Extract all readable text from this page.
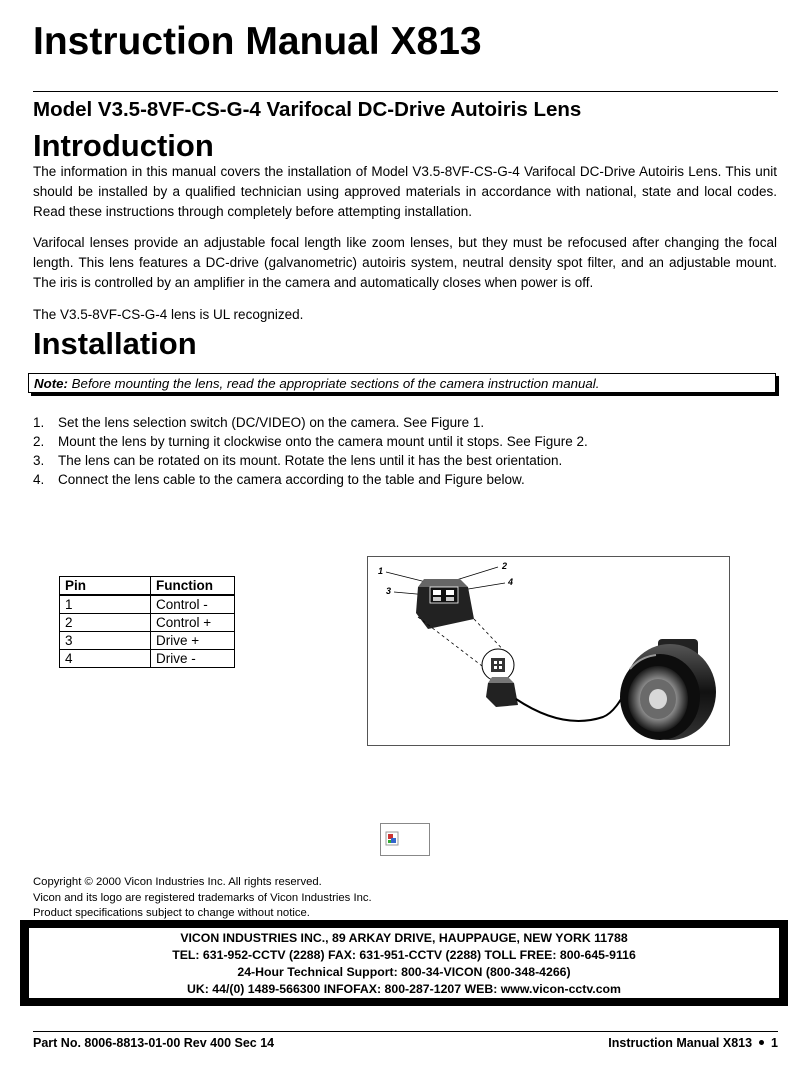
Instruction Manual X813
Model V3.5-8VF-CS-G-4 Varifocal DC-Drive Autoiris Lens
Introduction

The information in this manual covers the installation of Model V3.5-8VF-CS-G-4 Varifocal DC-Drive Autoiris Lens. This unit should be installed by a qualified technician using approved materials in accordance with national, state and local codes. Read these instructions through completely before attempting installation.

Varifocal lenses provide an adjustable focal length like zoom lenses, but they must be refocused after changing the focal length. This lens features a DC-drive (galvanometric) autoiris system, neutral density spot filter, and an adjustable mount. The iris is controlled by an amplifier in the camera and automatically closes when power is off.

The V3.5-8VF-CS-G-4 lens is UL recognized.

Installation
Note: Before mounting the lens, read the appropriate sections of the camera instruction manual.
1.	Set the lens selection switch (DC/VIDEO) on the camera. See Figure 1.
2.	Mount the lens by turning it clockwise onto the camera mount until it stops. See Figure 2.
3.	The lens can be rotated on its mount. Rotate the lens until it has the best orientation.
4.	Connect the lens cable to the camera according to the table and Figure below.
Pin	Function
1	Control -
2	Control +
3	Drive +
4	Drive -
1	2
3
4

Copyright © 2000 Vicon Industries Inc. All rights reserved.

Vicon and its logo are registered trademarks of Vicon Industries Inc.

Product specifications subject to change without notice.

VICON INDUSTRIES INC., 89 ARKAY DRIVE, HAUPPAUGE, NEW YORK 11788
TEL: 631-952-CCTV (2288) FAX: 631-951-CCTV (2288) TOLL FREE: 800-645-9116
24-Hour Technical Support: 800-34-VICON (800-348-4266)
UK: 44/(0) 1489-566300 INFOFAX: 800-287-1207 WEB: www.vicon-cctv.com
Part No. 8006-8813-01-00 Rev 400 Sec 14	Instruction Manual X813 1
